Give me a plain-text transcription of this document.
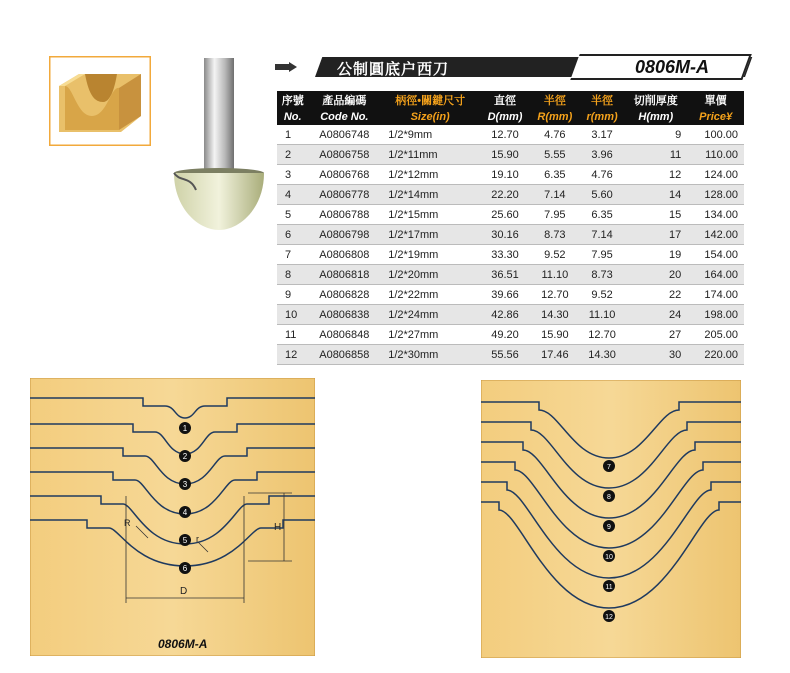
公制圓底户西刀	0806M-A
序號	產品編碼	柄徑•關鍵尺寸	直徑	半徑	半徑	切削厚度	單價
No.	Code No.	Size(in)	D(mm)	R(mm)	r(mm)	H(mm)	Price¥
1	A0806748	1/2*9mm	12.70	4.76	3.17	9	100.00
2	A0806758	1/2*11mm	15.90	5.55	3.96	11	110.00
3	A0806768	1/2*12mm	19.10	6.35	4.76	12	124.00
4	A0806778	1/2*14mm	22.20	7.14	5.60	14	128.00
5	A0806788	1/2*15mm	25.60	7.95	6.35	15	134.00
6	A0806798	1/2*17mm	30.16	8.73	7.14	17	142.00
7	A0806808	1/2*19mm	33.30	9.52	7.95	19	154.00
8	A0806818	1/2*20mm	36.51	11.10	8.73	20	164.00
9	A0806828	1/2*22mm	39.66	12.70	9.52	22	174.00
10	A0806838	1/2*24mm	42.86	14.30	11.10	24	198.00
11	A0806848	1/2*27mm	49.20	15.90	12.70	27	205.00
12	A0806858	1/2*30mm	55.56	17.46	14.30	30	220.00
1
2
3
4
5
6
R
r
H
D
0806M-A
7
8
9
10
11
12
